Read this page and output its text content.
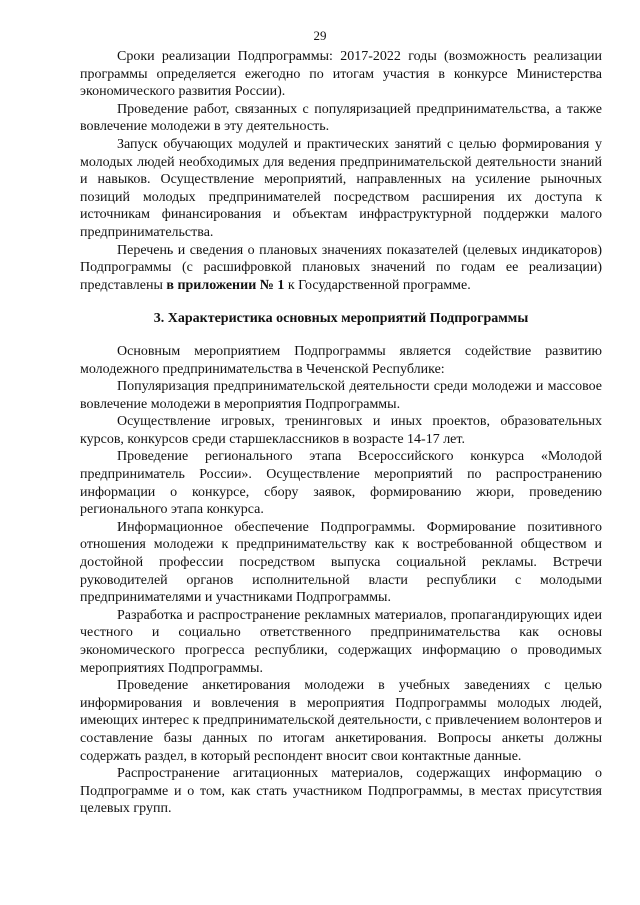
29

Сроки реализации Подпрограммы: 2017-2022 годы (возможность реализации программы определяется ежегодно по итогам участия в конкурсе Министерства экономического развития России).

Проведение работ, связанных с популяризацией предпринимательства, а также вовлечение молодежи в эту деятельность.

Запуск обучающих модулей и практических занятий с целью формирования у молодых людей необходимых для ведения предпринимательской деятельности знаний и навыков. Осуществление мероприятий, направленных на усиление рыночных позиций молодых предпринимателей посредством расширения их доступа к источникам финансирования и объектам инфраструктурной поддержки малого предпринимательства.

Перечень и сведения о плановых значениях показателей (целевых индикаторов) Подпрограммы (с расшифровкой плановых значений по годам ее реализации) представлены в приложении № 1 к Государственной программе.

3. Характеристика основных мероприятий Подпрограммы

Основным мероприятием Подпрограммы является содействие развитию молодежного предпринимательства в Чеченской Республике:

Популяризация предпринимательской деятельности среди молодежи и массовое вовлечение молодежи в мероприятия Подпрограммы.

Осуществление игровых, тренинговых и иных проектов, образовательных курсов, конкурсов среди старшеклассников в возрасте 14-17 лет.

Проведение регионального этапа Всероссийского конкурса «Молодой предприниматель России». Осуществление мероприятий по распространению информации о конкурсе, сбору заявок, формированию жюри, проведению регионального этапа конкурса.

Информационное обеспечение Подпрограммы. Формирование позитивного отношения молодежи к предпринимательству как к востребованной обществом и достойной профессии посредством выпуска социальной рекламы. Встречи руководителей органов исполнительной власти республики с молодыми предпринимателями и участниками Подпрограммы.

Разработка и распространение рекламных материалов, пропагандирующих идеи честного и социально ответственного предпринимательства как основы экономического прогресса республики, содержащих информацию о проводимых мероприятиях Подпрограммы.

Проведение анкетирования молодежи в учебных заведениях с целью информирования и вовлечения в мероприятия Подпрограммы молодых людей, имеющих интерес к предпринимательской деятельности, с привлечением волонтеров и составление базы данных по итогам анкетирования. Вопросы анкеты должны содержать раздел, в который респондент вносит свои контактные данные.

Распространение агитационных материалов, содержащих информацию о Подпрограмме и о том, как стать участником Подпрограммы, в местах присутствия целевых групп.
